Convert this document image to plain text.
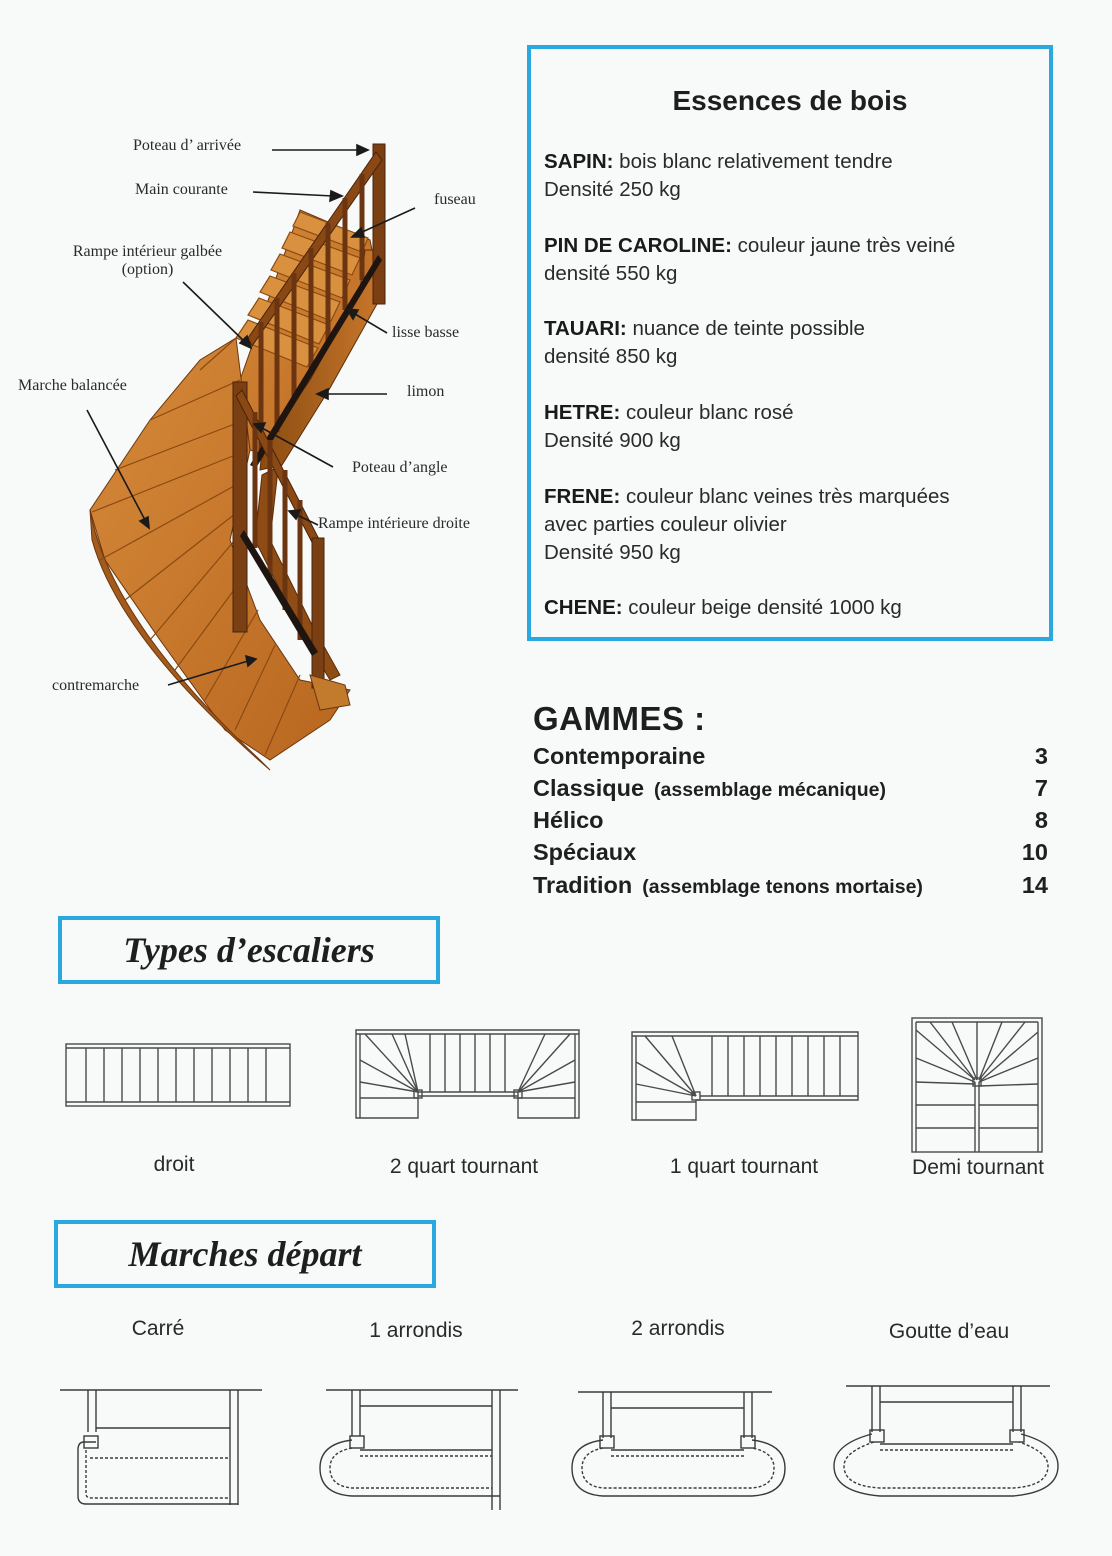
Poteau d’ arrivée
Main courante
fuseau
Rampe intérieur galbée
(option)
lisse basse
Marche balancée	limon
Poteau d’angle
Rampe intérieure droite
contremarche
Essences de bois
SAPIN: bois blanc relativement tendre
Densité 250 kg
PIN DE CAROLINE: couleur jaune très veiné
densité 550 kg
TAUARI: nuance de teinte possible
densité 850 kg
HETRE: couleur blanc rosé
Densité 900 kg
FRENE: couleur blanc veines très marquées
avec parties couleur olivier
Densité 950 kg
CHENE: couleur beige densité 1000 kg
GAMMES :
Contemporaine	3
Classique (assemblage mécanique)	7
Hélico	8
Spéciaux	10
Tradition (assemblage tenons mortaise)	14
Types d’escaliers
droit	2 quart tournant	1 quart tournant	Demi tournant
Marches départ
Carré	1 arrondis	2 arrondis	Goutte d’eau
